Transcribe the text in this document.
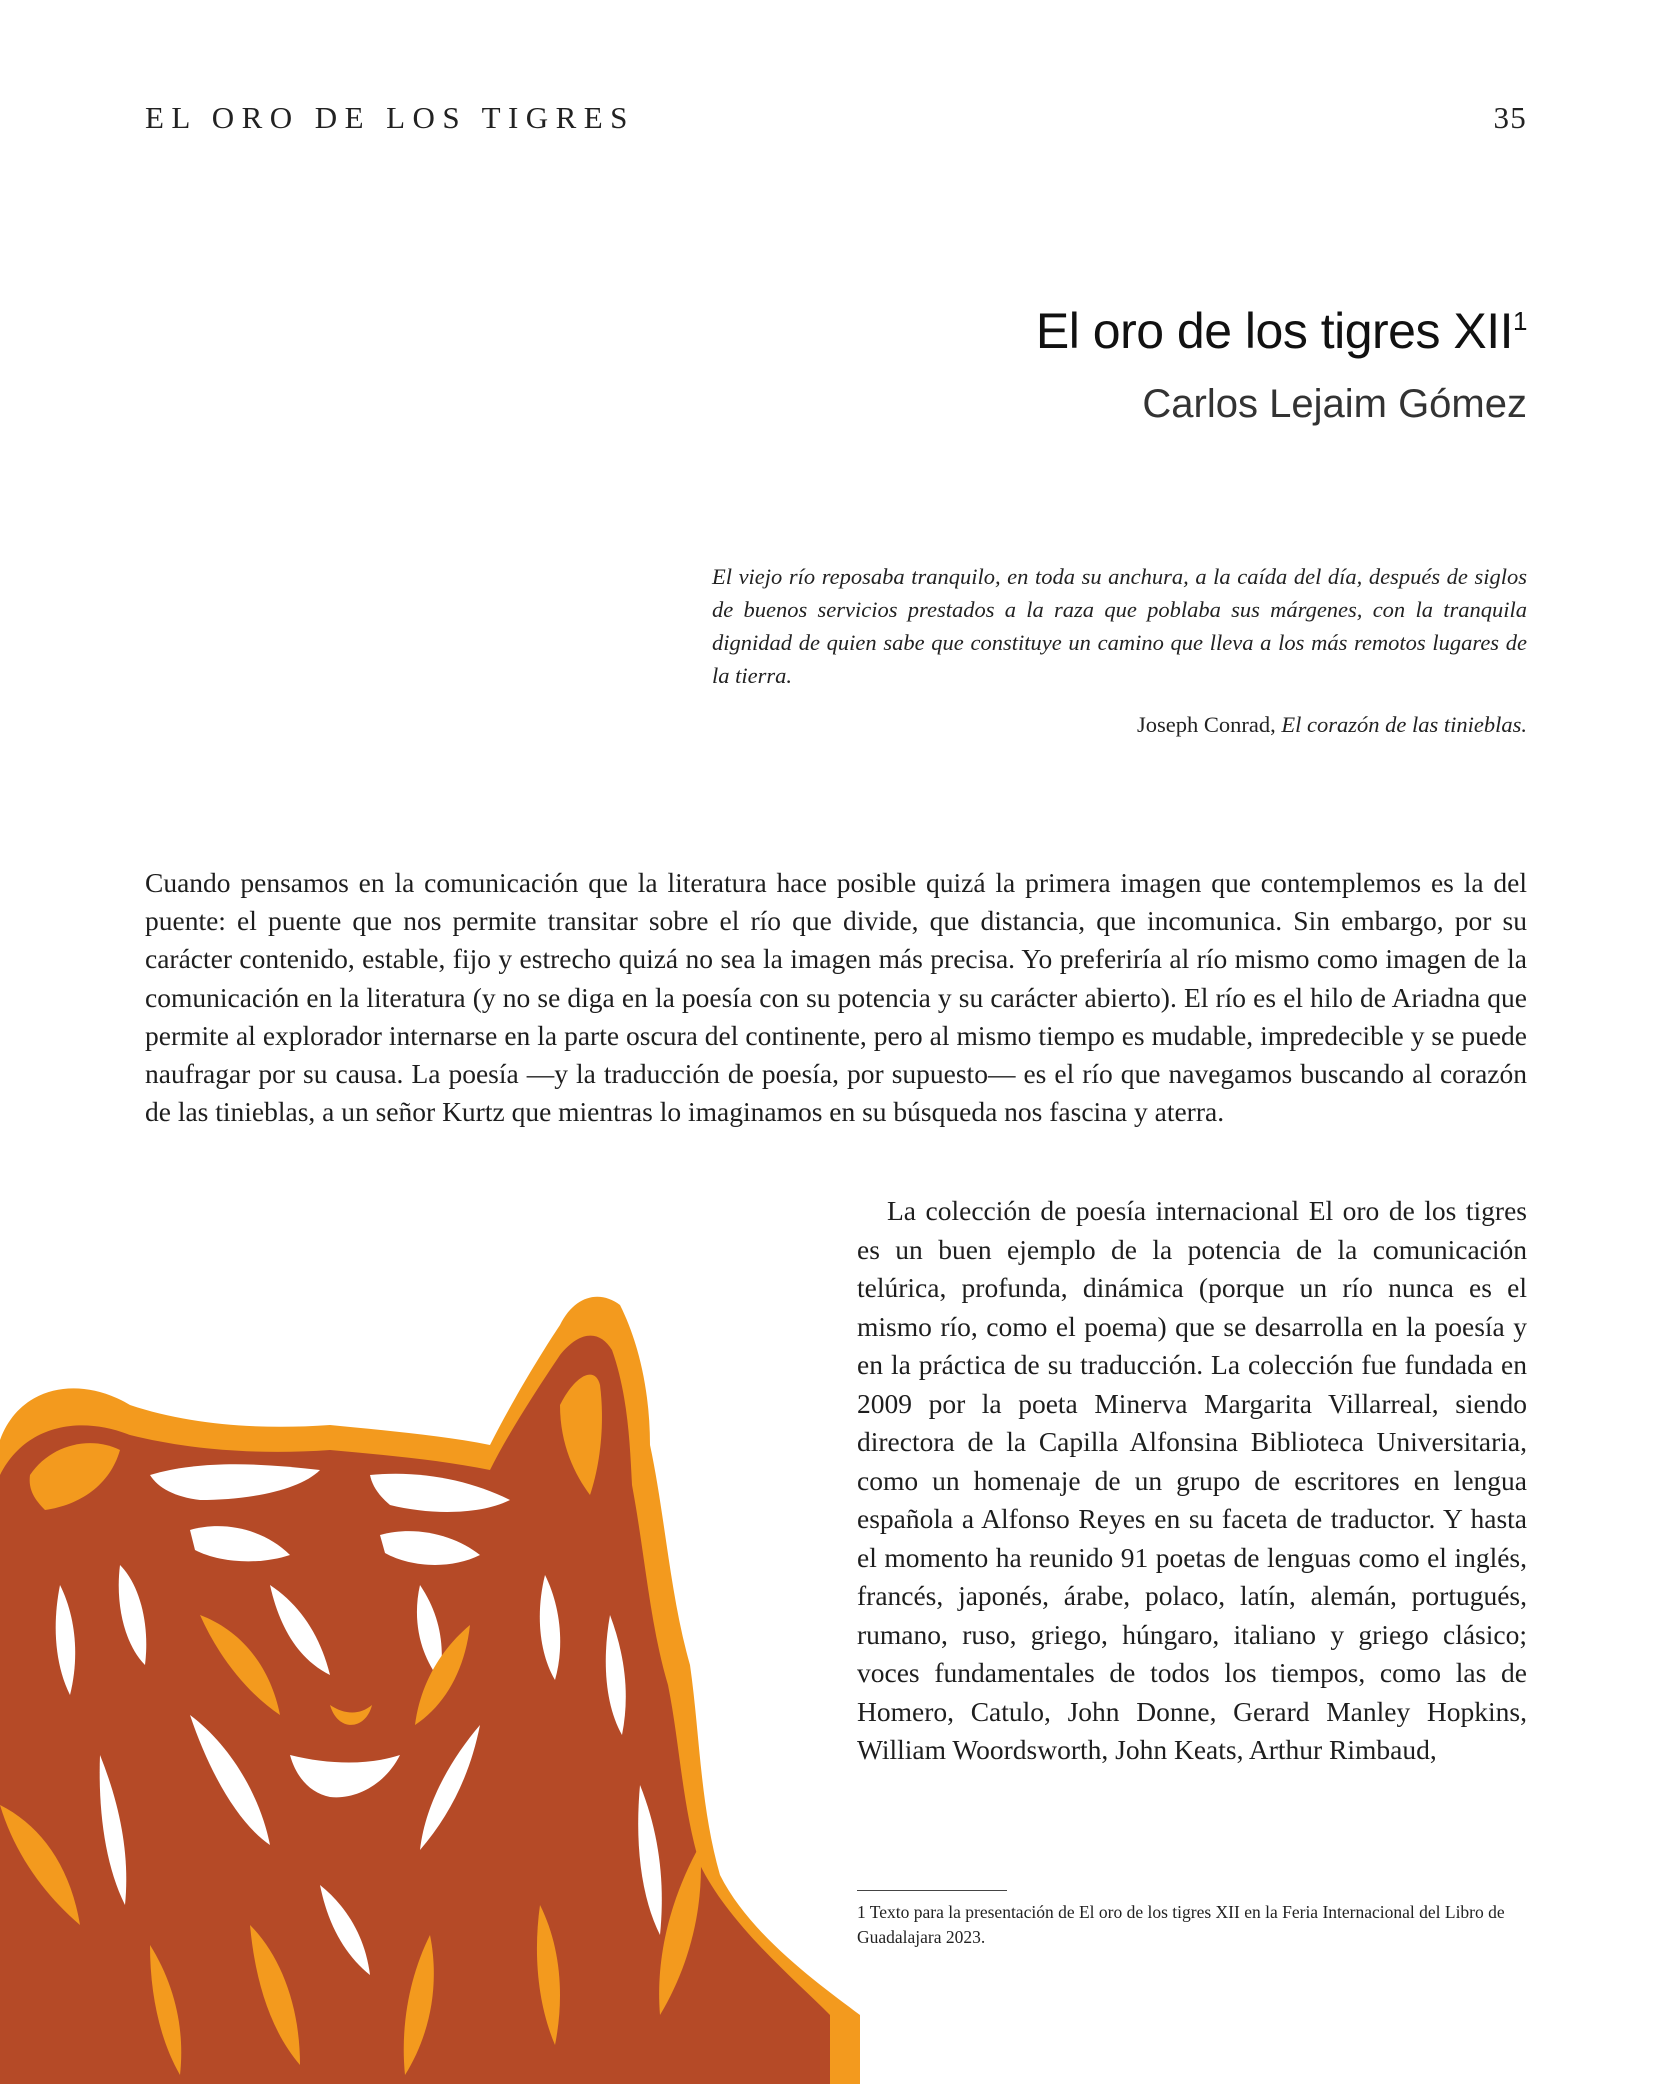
EL ORO DE LOS TIGRES	35
El oro de los tigres XII$^1$
Carlos Lejaim Gómez

El viejo río reposaba tranquilo, en toda su anchura, a la caída del día, después de siglos de buenos servicios prestados a la raza que poblaba sus márgenes, con la tranquila dignidad de quien sabe que constituye un camino que lleva a los más remotos lugares de la tierra.

Joseph Conrad, El corazón de las tinieblas.

Cuando pensamos en la comunicación que la literatura hace posible quizá la primera imagen que contemplemos es la del puente: el puente que nos permite transitar sobre el río que divide, que distancia, que incomunica. Sin embargo, por su carácter contenido, estable, fijo y estrecho quizá no sea la imagen más precisa. Yo preferiría al río mismo como imagen de la comunicación en la literatura (y no se diga en la poesía con su potencia y su carácter abierto). El río es el hilo de Ariadna que permite al explorador internarse en la parte oscura del continente, pero al mismo tiempo es mudable, impredecible y se puede naufragar por su causa. La poesía —y la traducción de poesía, por supuesto— es el río que navegamos buscando al corazón de las tinieblas, a un señor Kurtz que mientras lo imaginamos en su búsqueda nos fascina y aterra.

La colección de poesía internacional El oro de los tigres es un buen ejemplo de la potencia de la comunicación telúrica, profunda, dinámica (porque un río nunca es el mismo río, como el poema) que se desarrolla en la poesía y en la práctica de su traducción. La colección fue fundada en 2009 por la poeta Minerva Margarita Villarreal, siendo directora de la Capilla Alfonsina Biblioteca Universitaria, como un homenaje de un grupo de escritores en lengua española a Alfonso Reyes en su faceta de traductor. Y hasta el momento ha reunido 91 poetas de lenguas como el inglés, francés, japonés, árabe, polaco, latín, alemán, portugués, rumano, ruso, griego, húngaro, italiano y griego clásico; voces fundamentales de todos los tiempos, como las de Homero, Catulo, John Donne, Gerard Manley Hopkins, William Woordsworth, John Keats, Arthur Rimbaud,

1 Texto para la presentación de El oro de los tigres XII en la Feria Internacional del Libro de Guadalajara 2023.
